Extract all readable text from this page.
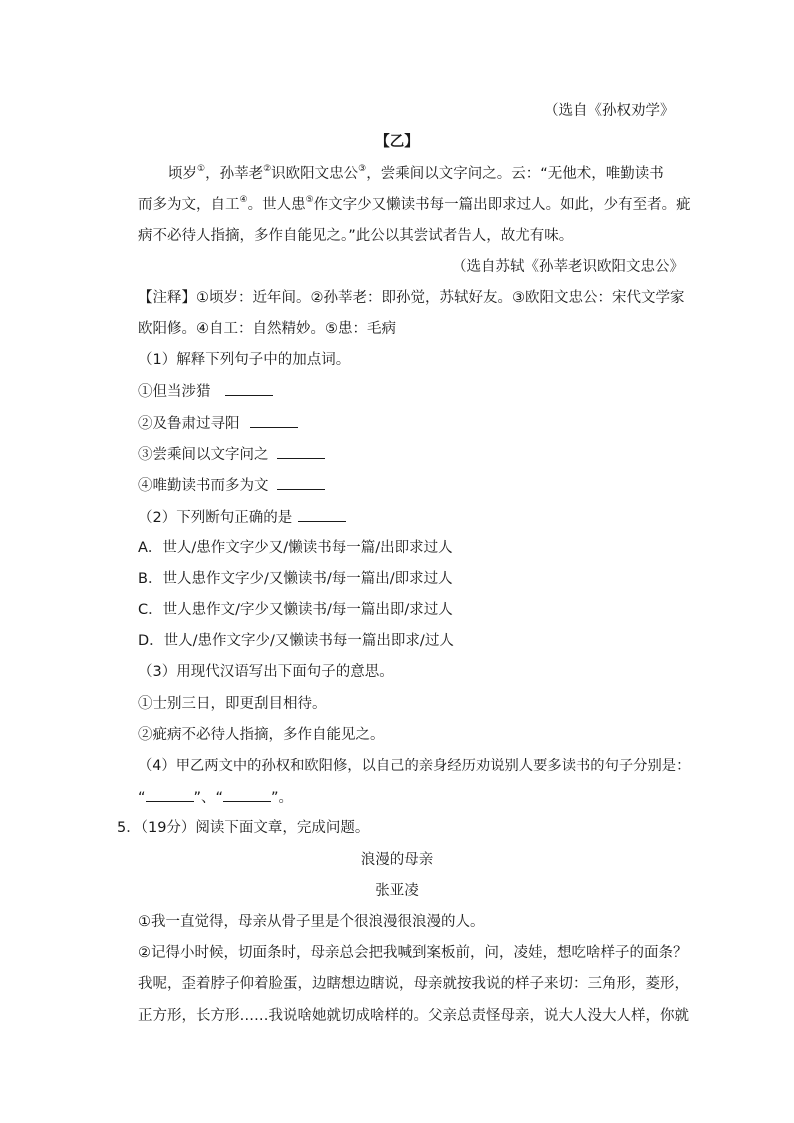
（选自《孙权劝学》
【乙】
顷岁①，孙莘老②识欧阳文忠公③，尝乘间以文字问之。云：“无他术，唯勤读书
而多为文，自工④。世人患⑤作文字少又懒读书每一篇出即求过人。如此，少有至者。疵
病不必待人指摘，多作自能见之。”此公以其尝试者告人，故尤有味。
（选自苏轼《孙莘老识欧阳文忠公》
【注释】①顷岁：近年间。②孙莘老：即孙觉，苏轼好友。③欧阳文忠公：宋代文学家
欧阳修。④自工：自然精妙。⑤患：毛病
（1）解释下列句子中的加点词。
①但当涉猎
②及鲁肃过寻阳
③尝乘间以文字问之
④唯勤读书而多为文
（2）下列断句正确的是
A．世人/患作文字少又/懒读书每一篇/出即求过人
B．世人患作文字少/又懒读书/每一篇出/即求过人
C．世人患作文/字少又懒读书/每一篇出即/求过人
D．世人/患作文字少/又懒读书每一篇出即求/过人
（3）用现代汉语写出下面句子的意思。
①士别三日，即更刮目相待。
②疵病不必待人指摘，多作自能见之。
（4）甲乙两文中的孙权和欧阳修，以自己的亲身经历劝说别人要多读书的句子分别是：
“	”、“	”。
5．（19分）阅读下面文章，完成问题。
浪漫的母亲
张亚凌
①我一直觉得，母亲从骨子里是个很浪漫很浪漫的人。
②记得小时候，切面条时，母亲总会把我喊到案板前，问，凌娃，想吃啥样子的面条？
我呢，歪着脖子仰着脸蛋，边瞎想边瞎说，母亲就按我说的样子来切：三角形，菱形，
正方形，长方形……我说啥她就切成啥样的。父亲总责怪母亲，说大人没大人样，你就
